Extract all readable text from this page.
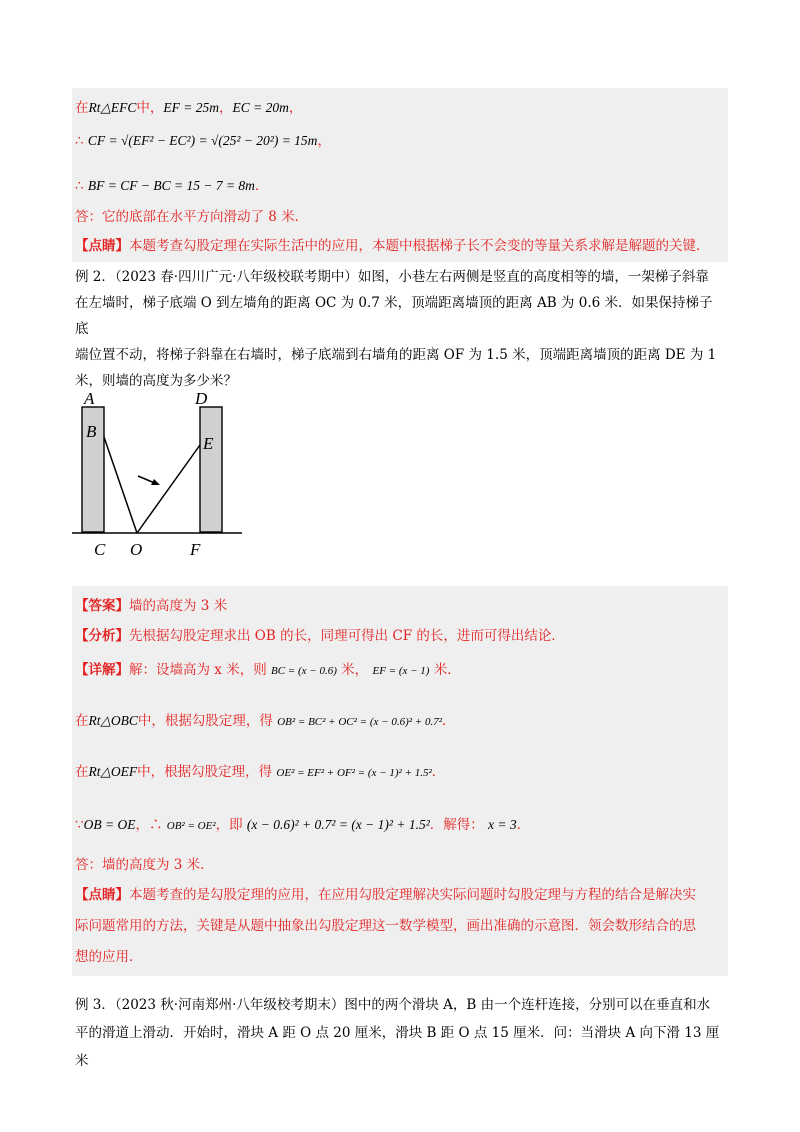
在Rt△EFC中，EF = 25m，EC = 20m，
∴ CF = √(EF² − EC²) = √(25² − 20²) = 15m，
∴ BF = CF − BC = 15 − 7 = 8m．
答：它的底部在水平方向滑动了 8 米．
【点睛】本题考查勾股定理在实际生活中的应用，本题中根据梯子长不会变的等量关系求解是解题的关键．
例 2．（2023 春·四川广元·八年级校联考期中）如图，小巷左右两侧是竖直的高度相等的墙，一架梯子斜靠
在左墙时，梯子底端 O 到左墙角的距离 OC 为 0.7 米，顶端距离墙顶的距离 AB 为 0.6 米．如果保持梯子底
端位置不动，将梯子斜靠在右墙时，梯子底端到右墙角的距离 OF 为 1.5 米，顶端距离墙顶的距离 DE 为 1
米，则墙的高度为多少米？
A
B
D
E
C O	F
【答案】墙的高度为 3 米
【分析】先根据勾股定理求出 OB 的长，同理可得出 CF 的长，进而可得出结论．
【详解】解：设墙高为 x 米，则 BC = (x − 0.6) 米， EF = (x − 1) 米．
在Rt△OBC中，根据勾股定理，得 OB² = BC² + OC² = (x − 0.6)² + 0.7²．
在Rt△OEF中，根据勾股定理，得 OE² = EF² + OF² = (x − 1)² + 1.5²．
∵OB = OE，∴ OB² = OE²，即 (x − 0.6)² + 0.7² = (x − 1)² + 1.5²．解得： x = 3．
答：墙的高度为 3 米．
【点睛】本题考查的是勾股定理的应用，在应用勾股定理解决实际问题时勾股定理与方程的结合是解决实
际问题常用的方法，关键是从题中抽象出勾股定理这一数学模型，画出准确的示意图．领会数形结合的思
想的应用．
例 3．（2023 秋·河南郑州·八年级校考期末）图中的两个滑块 A，B 由一个连杆连接，分别可以在垂直和水
平的滑道上滑动．开始时，滑块 A 距 O 点 20 厘米，滑块 B 距 O 点 15 厘米．问：当滑块 A 向下滑 13 厘米
